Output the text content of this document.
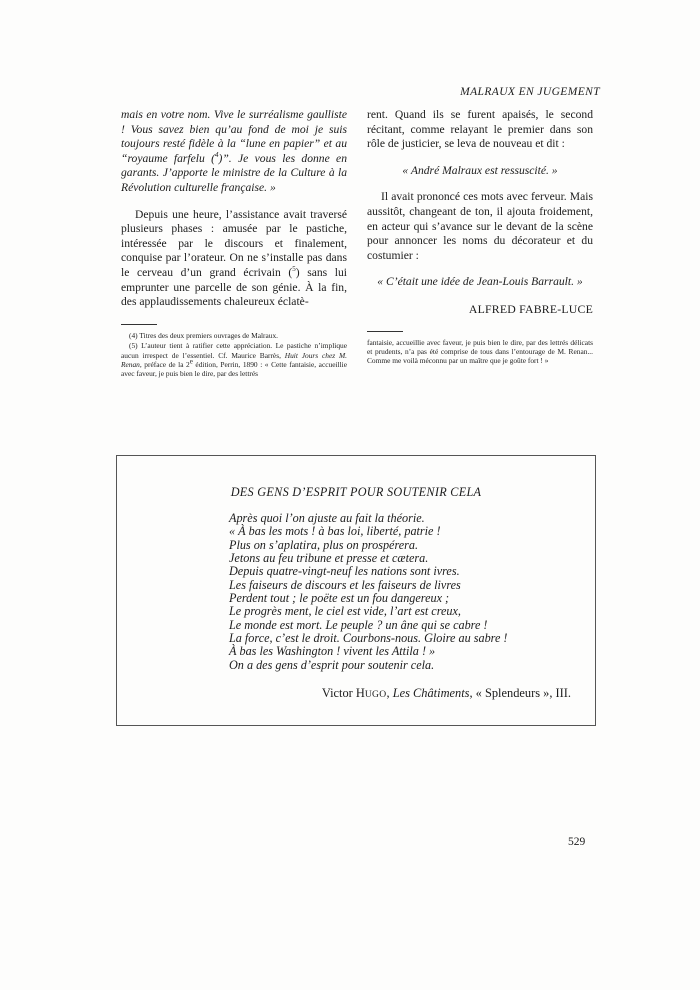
MALRAUX EN JUGEMENT

mais en votre nom. Vive le surréalisme gaulliste ! Vous savez bien qu’au fond de moi je suis toujours resté fidèle à la “lune en papier” et au “royaume farfelu ($^4$)”. Je vous les donne en garants. J’apporte le ministre de la Culture à la Révolution culturelle française. »

Depuis une heure, l’assistance avait traversé plusieurs phases : amusée par le pastiche, intéressée par le discours et finalement, conquise par l’orateur. On ne s’installe pas dans le cerveau d’un grand écrivain ($^5$) sans lui emprunter une parcelle de son génie. À la fin, des applaudissements chaleureux éclatè-

(4) Titres des deux premiers ouvrages de Malraux.

(5) L’auteur tient à ratifier cette appréciation. Le pastiche n’implique aucun irrespect de l’essentiel. Cf. Maurice Barrès, Huit Jours chez M. Renan, préface de la 2e édition, Perrin, 1890 : « Cette fantaisie, accueillie avec faveur, je puis bien le dire, par des lettrés

rent. Quand ils se furent apaisés, le second récitant, comme relayant le premier dans son rôle de justicier, se leva de nouveau et dit :

« André Malraux est ressuscité. »

Il avait prononcé ces mots avec ferveur. Mais aussitôt, changeant de ton, il ajouta froidement, en acteur qui s’avance sur le devant de la scène pour annoncer les noms du décorateur et du costumier :

« C’était une idée de Jean-Louis Barrault. »

ALFRED FABRE-LUCE

fantaisie, accueillie avec faveur, je puis bien le dire, par des lettrés délicats et prudents, n’a pas été comprise de tous dans l’entourage de M. Renan... Comme me voilà méconnu par un maître que je goûte fort ! »

DES GENS D’ESPRIT POUR SOUTENIR CELA
Après quoi l’on ajuste au fait la théorie.
« À bas les mots ! à bas loi, liberté, patrie !
Plus on s’aplatira, plus on prospérera.
Jetons au feu tribune et presse et cætera.
Depuis quatre-vingt-neuf les nations sont ivres.
Les faiseurs de discours et les faiseurs de livres
Perdent tout ; le poëte est un fou dangereux ;
Le progrès ment, le ciel est vide, l’art est creux,
Le monde est mort. Le peuple ? un âne qui se cabre !
La force, c’est le droit. Courbons-nous. Gloire au sabre !
À bas les Washington ! vivent les Attila ! »
On a des gens d’esprit pour soutenir cela.
Victor HUGO, Les Châtiments, « Splendeurs », III.
529
